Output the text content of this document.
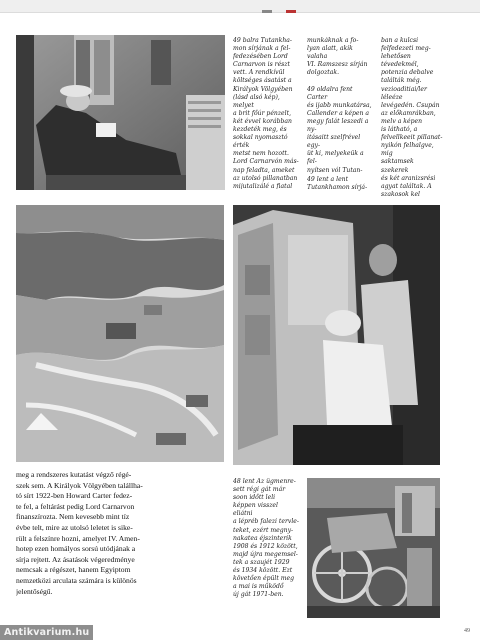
49 balra Tutankha-
mon sírjának a fel-
fedezésében Lord
Carnarvon is részt
vett. A rendkívül
költséges ásatást a
Királyok Völgyében
(lásd alsó kép), melyet
a brit főúr pénzelt,
két évvel korábban
kezdeték meg, és
sokkal nyomasztó érték
metst nem hozott.
Lord Carnarvón más-
nap feladta, ameket
az utolsó pillanatban
mijutalizálé a fiatal

munkáknak a fo-
lyan alatt, akik valaha
VI. Ramszesz sírján
dolgoztak.

49 oldalra fent Carter
és ijabb munkatársa,
Callender a képen a
megy falát leszedi a ny-
itásaitt szelfrével egy-
üt ki, melyekeük a fel-
nyítsen vól Tutan-

49 lent a lent
Tutankhamon sírjá-
ban a kulcsi
felfedezeti meg-
lehetősen tévedekmél,
potenzia debalve
találták még.
vezioaditiai/ler léleéze
levégedén. Csupán
az előkamrákban,
melv a képen
is látható, a
felvellkeeit pillanat-
nyikón felhalgve, mig
saktamsek szekerek
és két aranizsrési
agyat találtak. A
szakosok kel

meg a rendszeres kutatást végző régé-
szek sem. A Királyok Völgyében talállha-
tó sírt 1922-ben Howard Carter fedez-
te fel, a feltárást pedig Lord Carnarvon
finanszírozta. Nem kevesebb mint tíz
évbe telt, mire az utolsó leletet is sike-
rült a felszínre hozni, amelyet IV. Amen-
hotep ezen homályos sorsú utódjának a
sírja rejtett. Az ásatások végeredménye
nemcsak a régészet, hanem Egyiptom
nemzetközi arculata számára is különös
jelentőségű.
48 lent Az ügmenre-
sett régi gát már
soon időtt leli
képpen visszel eliátni
a lépréb falezi tervle-
teket, ezért megny-
nakatea éjszinterik
1908 és 1912 között,
majd újra megemsel-
tek a szaujét 1929
és 1934 között. Ezt
követően épült meg
a mai is működő
új gát 1971-ben.
49
Antikvarium.hu
